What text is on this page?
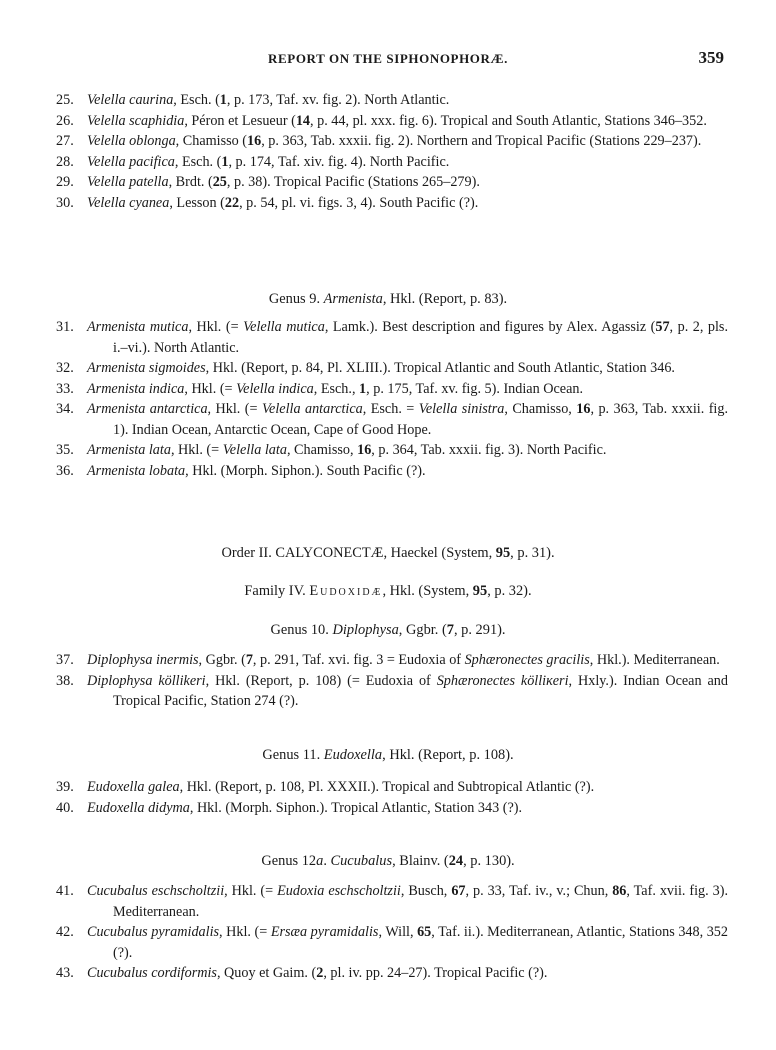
REPORT ON THE SIPHONOPHORÆ.	359
25. Velella caurina, Esch. (1, p. 173, Taf. xv. fig. 2). North Atlantic.
26. Velella scaphidia, Péron et Lesueur (14, p. 44, pl. xxx. fig. 6). Tropical and South Atlantic, Stations 346–352.
27. Velella oblonga, Chamisso (16, p. 363, Tab. xxxii. fig. 2). Northern and Tropical Pacific (Stations 229–237).
28. Velella pacifica, Esch. (1, p. 174, Taf. xiv. fig. 4). North Pacific.
29. Velella patella, Brdt. (25, p. 38). Tropical Pacific (Stations 265–279).
30. Velella cyanea, Lesson (22, p. 54, pl. vi. figs. 3, 4). South Pacific (?).
Genus 9. Armenista, Hkl. (Report, p. 83).
31. Armenista mutica, Hkl. (= Velella mutica, Lamk.). Best description and figures by Alex. Agassiz (57, p. 2, pls. i.–vi.). North Atlantic.
32. Armenista sigmoides, Hkl. (Report, p. 84, Pl. XLIII.). Tropical Atlantic and South Atlantic, Station 346.
33. Armenista indica, Hkl. (= Velella indica, Esch., 1, p. 175, Taf. xv. fig. 5). Indian Ocean.
34. Armenista antarctica, Hkl. (= Velella antarctica, Esch. = Velella sinistra, Chamisso, 16, p. 363, Tab. xxxii. fig. 1). Indian Ocean, Antarctic Ocean, Cape of Good Hope.
35. Armenista lata, Hkl. (= Velella lata, Chamisso, 16, p. 364, Tab. xxxii. fig. 3). North Pacific.
36. Armenista lobata, Hkl. (Morph. Siphon.). South Pacific (?).
Order II. CALYCONECTÆ, Haeckel (System, 95, p. 31).
Family IV. Eudoxidæ, Hkl. (System, 95, p. 32).
Genus 10. Diplophysa, Ggbr. (7, p. 291).
37. Diplophysa inermis, Ggbr. (7, p. 291, Taf. xvi. fig. 3 = Eudoxia of Sphæronectes gracilis, Hkl.). Mediterranean.
38. Diplophysa köllikeri, Hkl. (Report, p. 108) (= Eudoxia of Sphæronectes kölliкeri, Hxly.). Indian Ocean and Tropical Pacific, Station 274 (?).
Genus 11. Eudoxella, Hkl. (Report, p. 108).
39. Eudoxella galea, Hkl. (Report, p. 108, Pl. XXXII.). Tropical and Subtropical Atlantic (?).
40. Eudoxella didyma, Hkl. (Morph. Siphon.). Tropical Atlantic, Station 343 (?).
Genus 12a. Cucubalus, Blainv. (24, p. 130).
41. Cucubalus eschscholtzii, Hkl. (= Eudoxia eschscholtzii, Busch, 67, p. 33, Taf. iv., v.; Chun, 86, Taf. xvii. fig. 3). Mediterranean.
42. Cucubalus pyramidalis, Hkl. (= Ersæa pyramidalis, Will, 65, Taf. ii.). Mediterranean, Atlantic, Stations 348, 352 (?).
43. Cucubalus cordiformis, Quoy et Gaim. (2, pl. iv. pp. 24–27). Tropical Pacific (?).
